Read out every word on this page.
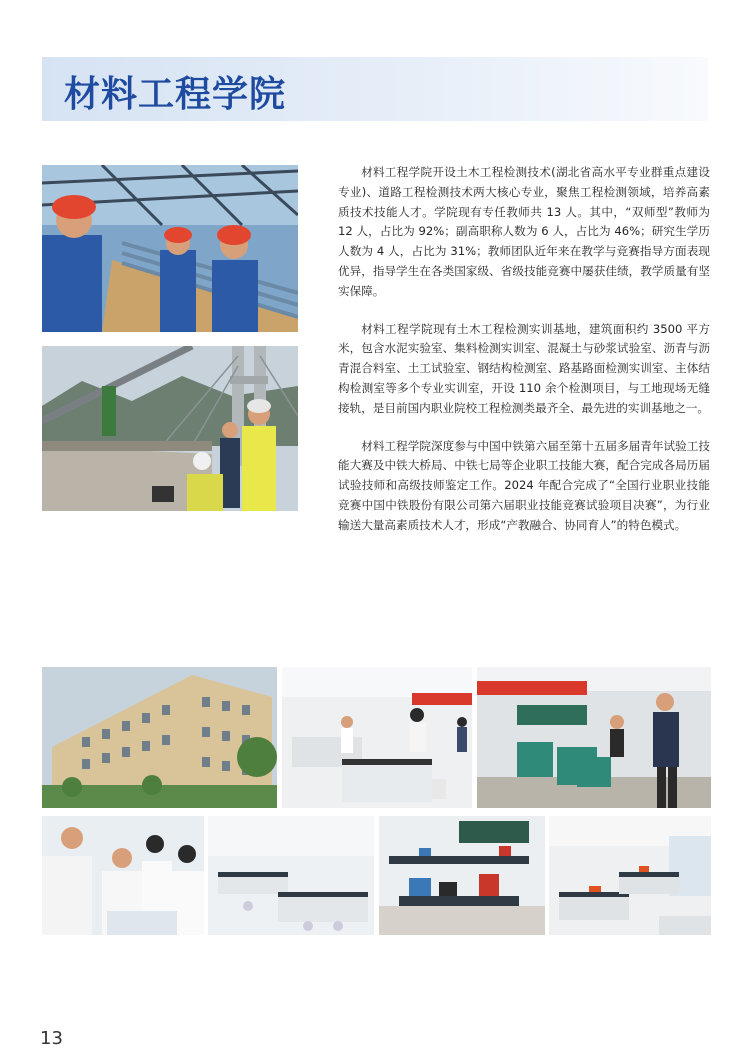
材料工程学院

材料工程学院开设土木工程检测技术(湖北省高水平专业群重点建设专业)、道路工程检测技术两大核心专业，聚焦工程检测领域，培养高素质技术技能人才。学院现有专任教师共 13 人。其中，“双师型”教师为 12 人，占比为 92%；副高职称人数为 6 人，占比为 46%；研究生学历人数为 4 人，占比为 31%；教师团队近年来在教学与竞赛指导方面表现优异，指导学生在各类国家级、省级技能竞赛中屡获佳绩，教学质量有坚实保障。

材料工程学院现有土木工程检测实训基地，建筑面积约 3500 平方米，包含水泥实验室、集料检测实训室、混凝土与砂浆试验室、沥青与沥青混合料室、土工试验室、钢结构检测室、路基路面检测实训室、主体结构检测室等多个专业实训室，开设 110 余个检测项目，与工地现场无缝接轨，是目前国内职业院校工程检测类最齐全、最先进的实训基地之一。

材料工程学院深度参与中国中铁第六届至第十五届多届青年试验工技能大赛及中铁大桥局、中铁七局等企业职工技能大赛，配合完成各局历届试验技师和高级技师鉴定工作。2024 年配合完成了“全国行业职业技能竞赛中国中铁股份有限公司第六届职业技能竞赛试验项目决赛”，为行业输送大量高素质技术人才，形成“产教融合、协同育人”的特色模式。

13
